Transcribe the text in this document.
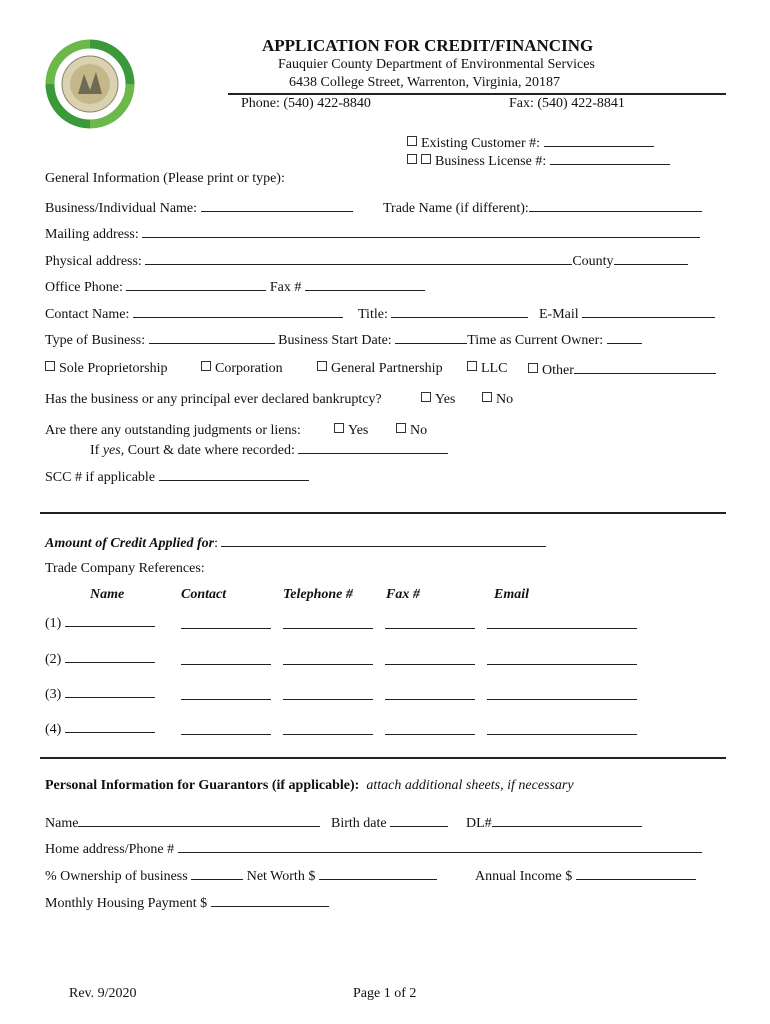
APPLICATION FOR CREDIT/FINANCING
Fauquier County Department of Environmental Services
6438 College Street, Warrenton, Virginia, 20187
Phone: (540) 422-8840	Fax: (540) 422-8841
Existing Customer #:
Business License #:
General Information (Please print or type):
Business/Individual Name:	Trade Name (if different):
Mailing address:
Physical address:	County
Office Phone:	Fax #
Contact Name:	Title:	E-Mail
Type of Business:	Business Start Date:	Time as Current Owner:
Sole Proprietorship	Corporation	General Partnership	LLC	Other
Has the business or any principal ever declared bankruptcy?	Yes	No
Are there any outstanding judgments or liens:	Yes	No
If yes, Court & date where recorded:
SCC # if applicable
Amount of Credit Applied for:
Trade Company References:
Name	Contact	Telephone # Fax #	Email
(1)
(2)
(3)
(4)
Personal Information for Guarantors (if applicable): attach additional sheets, if necessary
Name	Birth date	DL#
Home address/Phone #
% Ownership of business	Net Worth $	Annual Income $
Monthly Housing Payment $
Rev. 9/2020	Page 1 of 2
